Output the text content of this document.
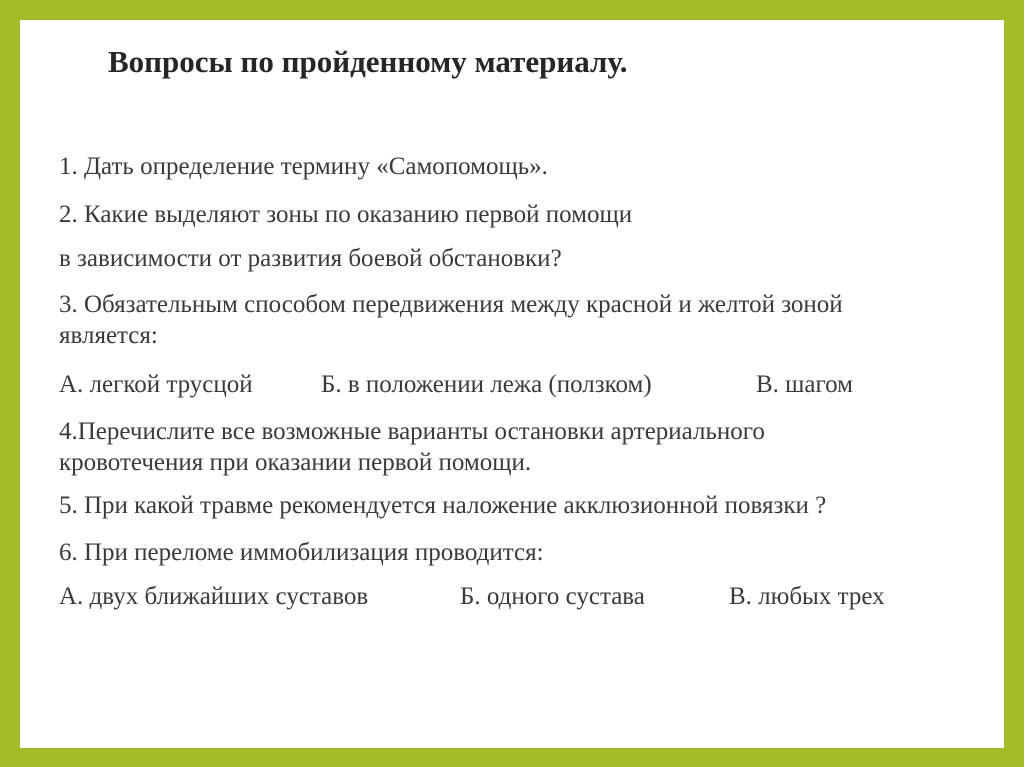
Вопросы по пройденному материалу.
1. Дать определение термину «Самопомощь».
2. Какие выделяют зоны по оказанию первой помощи
в зависимости от развития боевой обстановки?
3. Обязательным способом передвижения между красной и желтой зоной
является:
А. легкой трусцой	Б. в положении лежа (ползком)	В. шагом
4.Перечислите все возможные варианты остановки артериального
кровотечения при оказании первой помощи.
5. При какой травме рекомендуется наложение акклюзионной повязки ?
6. При переломе иммобилизация проводится:
А. двух ближайших суставов	Б. одного сустава	В. любых трех
